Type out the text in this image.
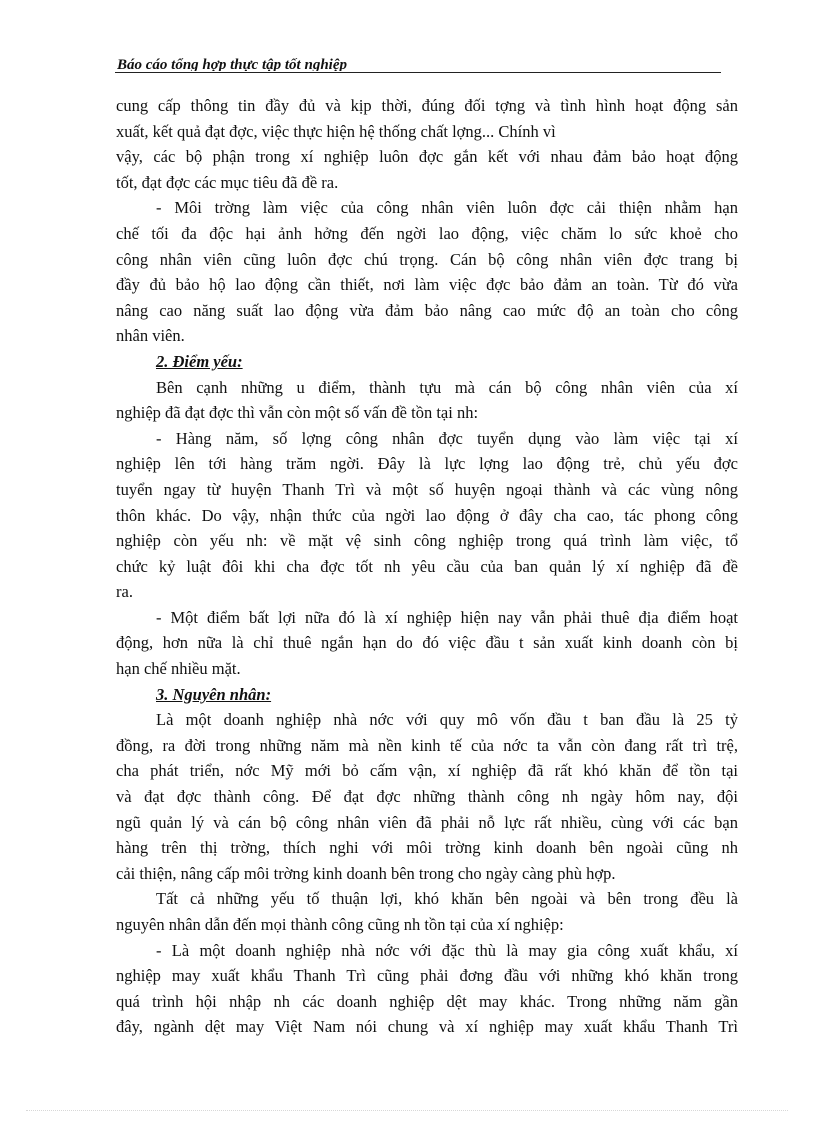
Báo cáo tổng hợp thực tập tốt nghiệp
cung cấp thông tin đầy đủ và kịp thời, đúng đối tợng và tình hình hoạt động sản
xuất, kết quả đạt đợc, việc thực hiện hệ thống chất lợng... Chính vì
vậy, các bộ phận trong xí nghiệp luôn đợc gắn kết với nhau đảm bảo hoạt động
tốt, đạt đợc các mục tiêu đã đề ra.
- Môi trờng làm việc của công nhân viên luôn đợc cải thiện nhằm hạn
chế tối đa độc hại ảnh hởng đến ngời lao động, việc chăm lo sức khoẻ cho
công nhân viên cũng luôn đợc chú trọng. Cán bộ công nhân viên đợc trang bị
đầy đủ bảo hộ lao động cần thiết, nơi làm việc đợc bảo đảm an toàn. Từ đó vừa
nâng cao năng suất lao động vừa đảm bảo nâng cao mức độ an toàn cho công
nhân viên.
2. Điểm yếu:
Bên cạnh những u điểm, thành tựu mà cán bộ công nhân viên của xí
nghiệp đã đạt đợc thì vẫn còn một số vấn đề tồn tại nh:
- Hàng năm, số lợng công nhân đợc tuyển dụng vào làm việc tại xí
nghiệp lên tới hàng trăm ngời. Đây là lực lợng lao động trẻ, chủ yếu đợc
tuyển ngay từ huyện Thanh Trì và một số huyện ngoại thành và các vùng nông
thôn khác. Do vậy, nhận thức của ngời lao động ở đây cha cao, tác phong công
nghiệp còn yếu nh: về mặt vệ sinh công nghiệp trong quá trình làm việc, tổ
chức kỷ luật đôi khi cha đợc tốt nh yêu cầu của ban quản lý xí nghiệp đã đề
ra.
- Một điểm bất lợi nữa đó là xí nghiệp hiện nay vẫn phải thuê địa điểm hoạt
động, hơn nữa là chỉ thuê ngắn hạn do đó việc đầu t sản xuất kinh doanh còn bị
hạn chế nhiều mặt.
3. Nguyên nhân:
Là một doanh nghiệp nhà nớc với quy mô vốn đầu t ban đầu là 25 tỷ
đồng, ra đời trong những năm mà nền kinh tế của nớc ta vẫn còn đang rất trì trệ,
cha phát triển, nớc Mỹ mới bỏ cấm vận, xí nghiệp đã rất khó khăn để tồn tại
và đạt đợc thành công. Để đạt đợc những thành công nh ngày hôm nay, đội
ngũ quản lý và cán bộ công nhân viên đã phải nỗ lực rất nhiều, cùng với các bạn
hàng trên thị trờng, thích nghi với môi trờng kinh doanh bên ngoài cũng nh
cải thiện, nâng cấp môi trờng kinh doanh bên trong cho ngày càng phù hợp.
Tất cả những yếu tố thuận lợi, khó khăn bên ngoài và bên trong đều là
nguyên nhân dẫn đến mọi thành công cũng nh tồn tại của xí nghiệp:
- Là một doanh nghiệp nhà nớc với đặc thù là may gia công xuất khẩu, xí
nghiệp may xuất khẩu Thanh Trì cũng phải đơng đầu với những khó khăn trong
quá trình hội nhập nh các doanh nghiệp dệt may khác. Trong những năm gần
đây, ngành dệt may Việt Nam nói chung và xí nghiệp may xuất khẩu Thanh Trì
